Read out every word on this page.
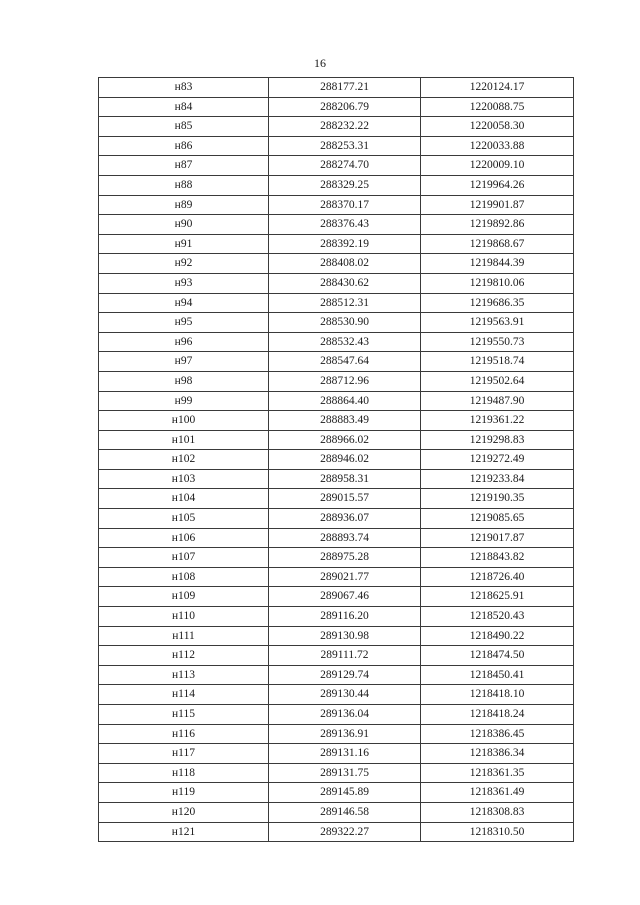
16
н83	288177.21	1220124.17
н84	288206.79	1220088.75
н85	288232.22	1220058.30
н86	288253.31	1220033.88
н87	288274.70	1220009.10
н88	288329.25	1219964.26
н89	288370.17	1219901.87
н90	288376.43	1219892.86
н91	288392.19	1219868.67
н92	288408.02	1219844.39
н93	288430.62	1219810.06
н94	288512.31	1219686.35
н95	288530.90	1219563.91
н96	288532.43	1219550.73
н97	288547.64	1219518.74
н98	288712.96	1219502.64
н99	288864.40	1219487.90
н100	288883.49	1219361.22
н101	288966.02	1219298.83
н102	288946.02	1219272.49
н103	288958.31	1219233.84
н104	289015.57	1219190.35
н105	288936.07	1219085.65
н106	288893.74	1219017.87
н107	288975.28	1218843.82
н108	289021.77	1218726.40
н109	289067.46	1218625.91
н110	289116.20	1218520.43
н111	289130.98	1218490.22
н112	289111.72	1218474.50
н113	289129.74	1218450.41
н114	289130.44	1218418.10
н115	289136.04	1218418.24
н116	289136.91	1218386.45
н117	289131.16	1218386.34
н118	289131.75	1218361.35
н119	289145.89	1218361.49
н120	289146.58	1218308.83
н121	289322.27	1218310.50
